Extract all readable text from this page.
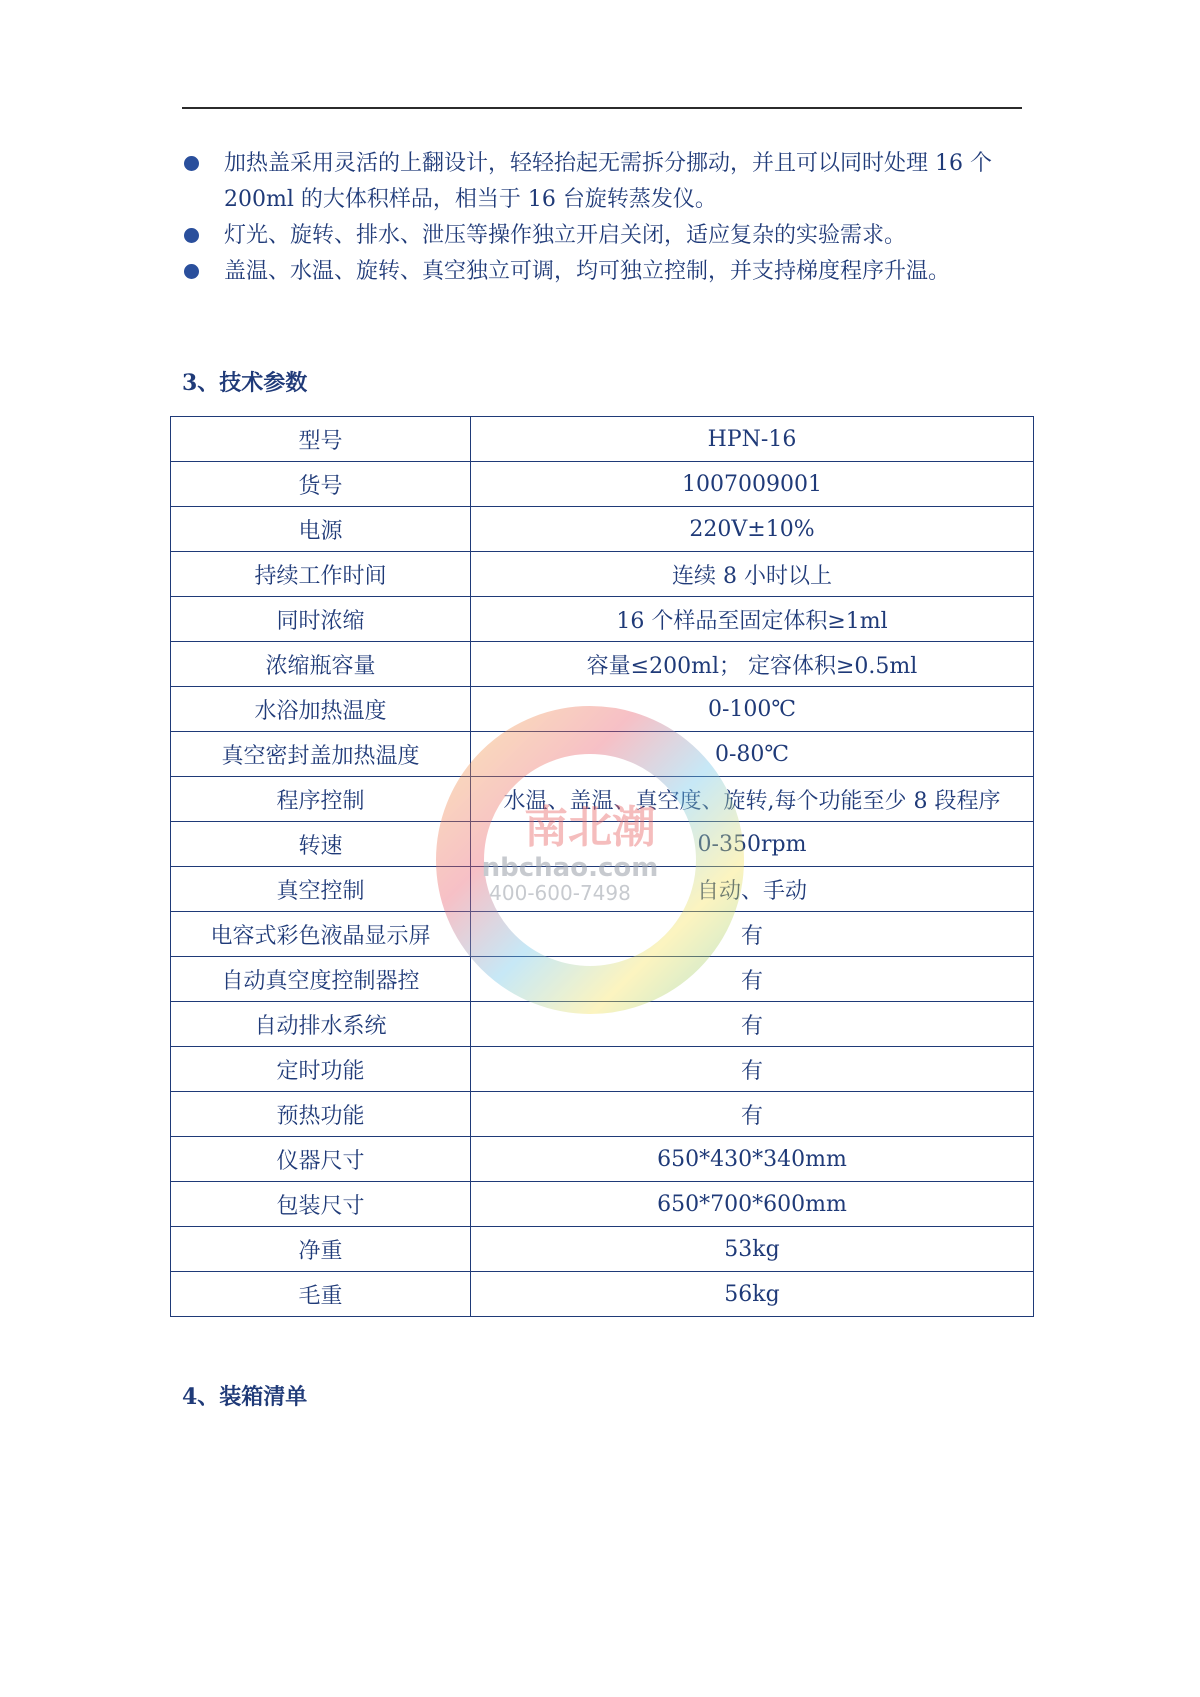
加热盖采用灵活的上翻设计，轻轻抬起无需拆分挪动，并且可以同时处理 16 个 200ml 的大体积样品，相当于 16 台旋转蒸发仪。
灯光、旋转、排水、泄压等操作独立开启关闭，适应复杂的实验需求。
盖温、水温、旋转、真空独立可调，均可独立控制，并支持梯度程序升温。
3、技术参数
型号	HPN-16
货号	1007009001
电源	220V±10%
持续工作时间	连续 8 小时以上
同时浓缩	16 个样品至固定体积≥1ml
浓缩瓶容量	容量≤200ml； 定容体积≥0.5ml
水浴加热温度	0-100℃
真空密封盖加热温度	0-80℃
程序控制	水温、盖温、真空度、旋转,每个功能至少 8 段程序
转速	0-350rpm
真空控制	自动、手动
电容式彩色液晶显示屏	有
自动真空度控制器控	有
自动排水系统	有
定时功能	有
预热功能	有
仪器尺寸	650*430*340mm
包装尺寸	650*700*600mm
净重	53kg
毛重	56kg
4、装箱清单
南北潮
nbchao.com
400-600-7498
